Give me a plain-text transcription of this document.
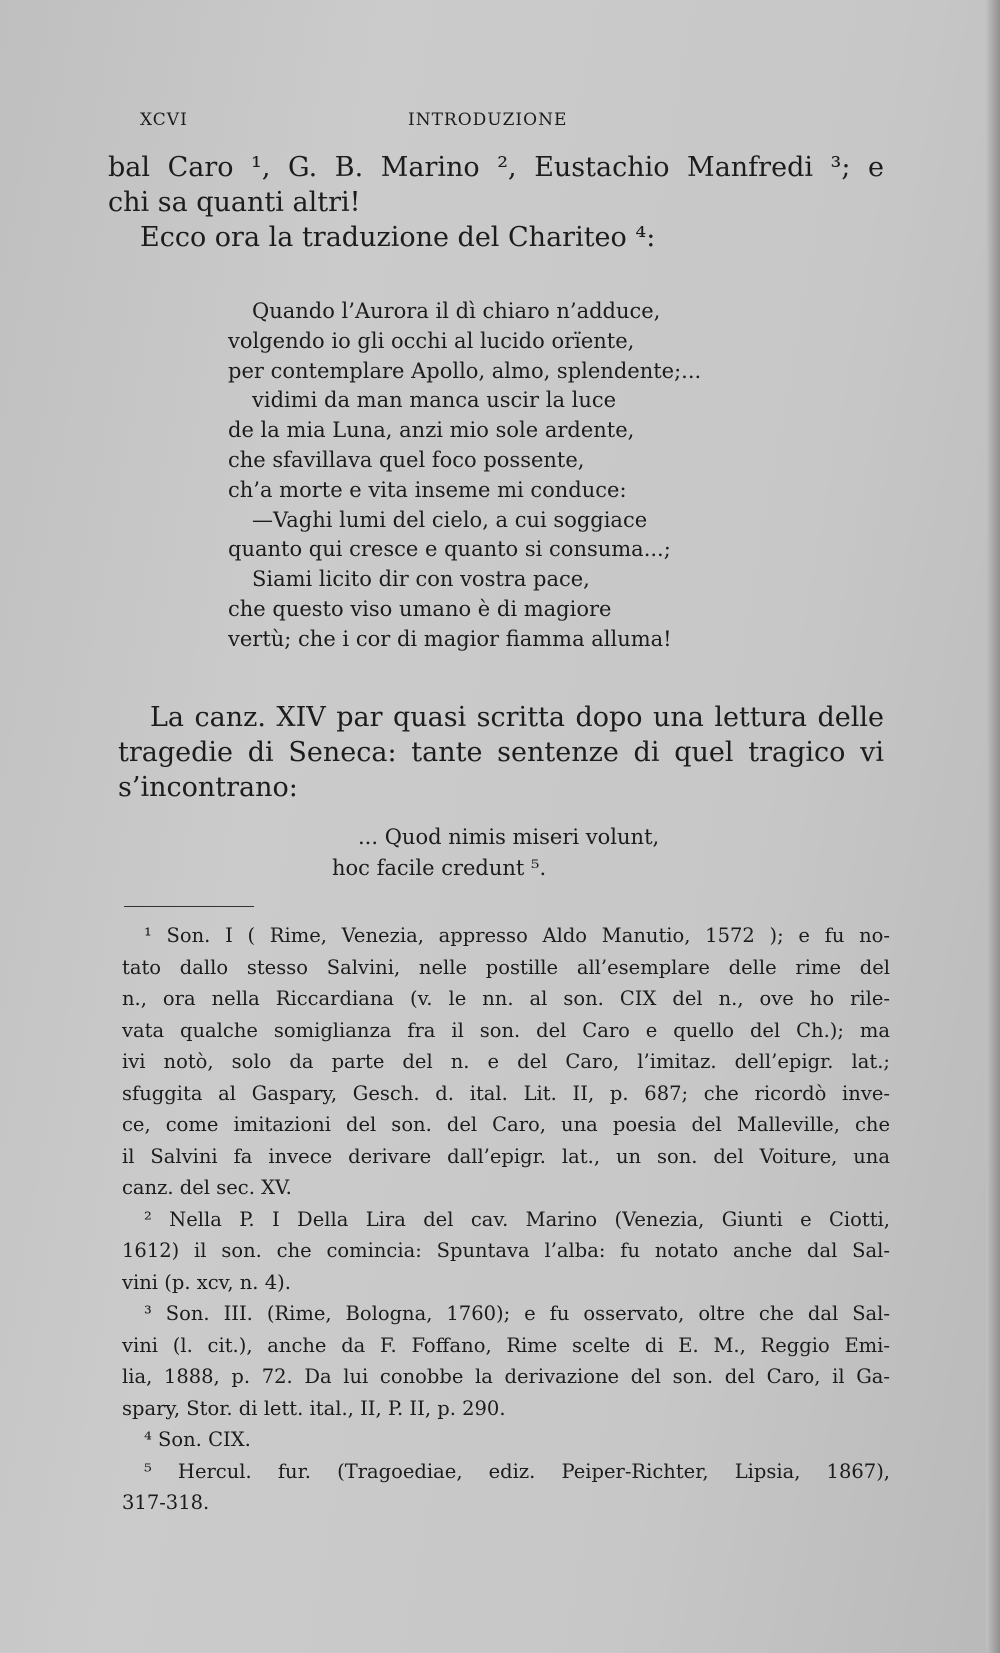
XCVI	INTRODUZIONE
bal Caro ¹, G. B. Marino ², Eustachio Manfredi ³; e
chi sa quanti altri!
Ecco ora la traduzione del Chariteo ⁴:
Quando l’Aurora il dì chiaro n’adduce,
volgendo io gli occhi al lucido orïente,
per contemplare Apollo, almo, splendente;...
vidimi da man manca uscir la luce
de la mia Luna, anzi mio sole ardente,
che sfavillava quel foco possente,
ch’a morte e vita inseme mi conduce:
—Vaghi lumi del cielo, a cui soggiace
quanto qui cresce e quanto si consuma...;
Siami licito dir con vostra pace,
che questo viso umano è di magiore
vertù; che i cor di magior fiamma alluma!
La canz. XIV par quasi scritta dopo una lettura delle
tragedie di Seneca: tante sentenze di quel tragico vi
s’incontrano:
... Quod nimis miseri volunt,
hoc facile credunt ⁵.
¹ Son. I ( Rime, Venezia, appresso Aldo Manutio, 1572 ); e fu no-
tato dallo stesso Salvini, nelle postille all’esemplare delle rime del
n., ora nella Riccardiana (v. le nn. al son. CIX del n., ove ho rile-
vata qualche somiglianza fra il son. del Caro e quello del Ch.); ma
ivi notò, solo da parte del n. e del Caro, l’imitaz. dell’epigr. lat.;
sfuggita al Gaspary, Gesch. d. ital. Lit. II, p. 687; che ricordò inve-
ce, come imitazioni del son. del Caro, una poesia del Malleville, che
il Salvini fa invece derivare dall’epigr. lat., un son. del Voiture, una
canz. del sec. XV.
² Nella P. I Della Lira del cav. Marino (Venezia, Giunti e Ciotti,
1612) il son. che comincia: Spuntava l’alba: fu notato anche dal Sal-
vini (p. xcv, n. 4).
³ Son. III. (Rime, Bologna, 1760); e fu osservato, oltre che dal Sal-
vini (l. cit.), anche da F. Foffano, Rime scelte di E. M., Reggio Emi-
lia, 1888, p. 72. Da lui conobbe la derivazione del son. del Caro, il Ga-
spary, Stor. di lett. ital., II, P. II, p. 290.
⁴ Son. CIX.
⁵ Hercul. fur. (Tragoediae, ediz. Peiper-Richter, Lipsia, 1867),
317-318.
